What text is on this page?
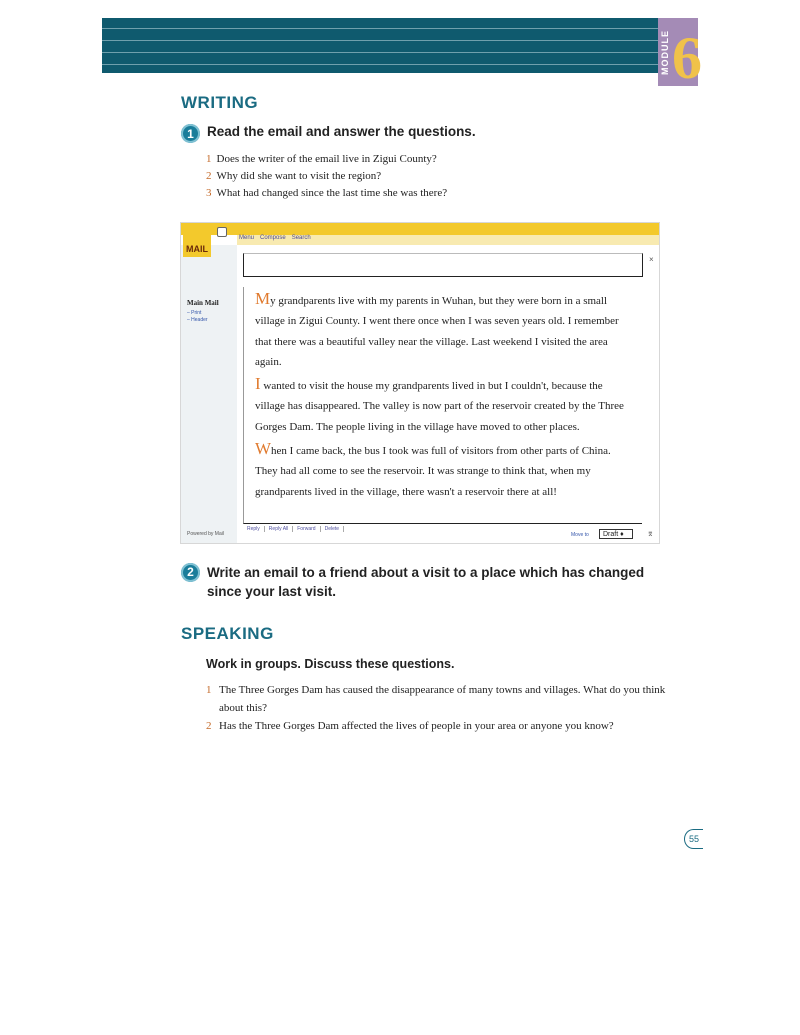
MODULE 6
WRITING
1 Read the email and answer the questions.
1 Does the writer of the email live in Zigui County?
2 Why did she want to visit the region?
3 What had changed since the last time she was there?
Menu Compose Search
Main Mail
– Print
– Header
Powered by Mail
MAIL
×

My grandparents live with my parents in Wuhan, but they were born in a small village in Zigui County. I went there once when I was seven years old. I remember that there was a beautiful valley near the village. Last weekend I visited the area again.

I wanted to visit the house my grandparents lived in but I couldn't, because the village has disappeared. The valley is now part of the reservoir created by the Three Gorges Dam. The people living in the village have moved to other places.

When I came back, the bus I took was full of visitors from other parts of China. They had all come to see the reservoir. It was strange to think that, when my grandparents lived in the village, there wasn't a reservoir there at all!

Reply	Reply All	Forward	Delete
Move to	Draft ♦	⌆
2 Write an email to a friend about a visit to a place which has changed since your last visit.
SPEAKING
Work in groups. Discuss these questions.
1 The Three Gorges Dam has caused the disappearance of many towns and villages. What do you think about this?
2 Has the Three Gorges Dam affected the lives of people in your area or anyone you know?
55
